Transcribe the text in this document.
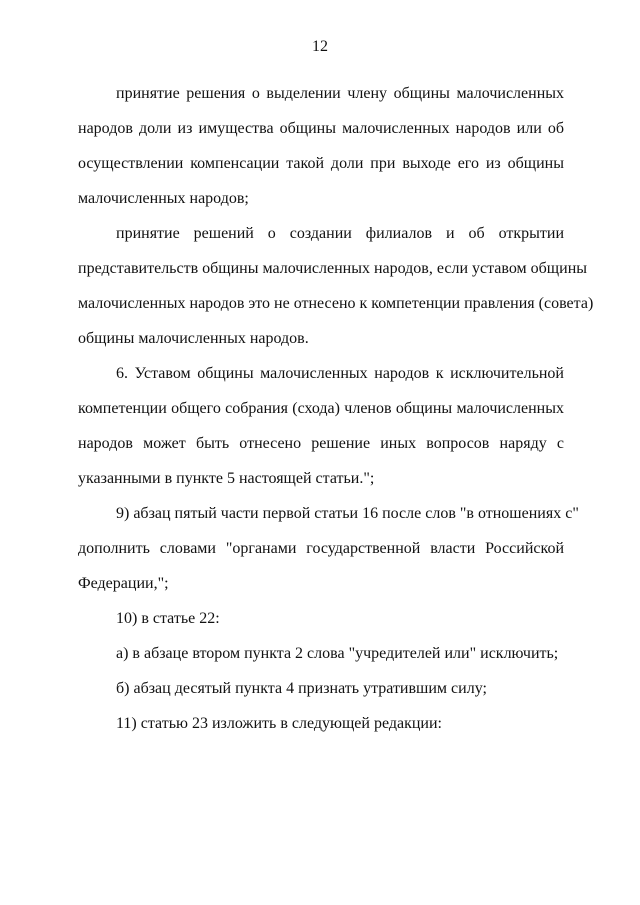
12

принятие решения о выделении члену общины малочисленных
народов доли из имущества общины малочисленных народов или об
осуществлении компенсации такой доли при выходе его из общины
малочисленных народов;

принятие решений о создании филиалов и об открытии
представительств общины малочисленных народов, если уставом общины
малочисленных народов это не отнесено к компетенции правления (совета)
общины малочисленных народов.

6. Уставом общины малочисленных народов к исключительной
компетенции общего собрания (схода) членов общины малочисленных
народов может быть отнесено решение иных вопросов наряду с
указанными в пункте 5 настоящей статьи.";

9) абзац пятый части первой статьи 16 после слов "в отношениях с"
дополнить словами "органами государственной власти Российской
Федерации,";

10) в статье 22:

а) в абзаце втором пункта 2 слова "учредителей или" исключить;

б) абзац десятый пункта 4 признать утратившим силу;

11) статью 23 изложить в следующей редакции:
